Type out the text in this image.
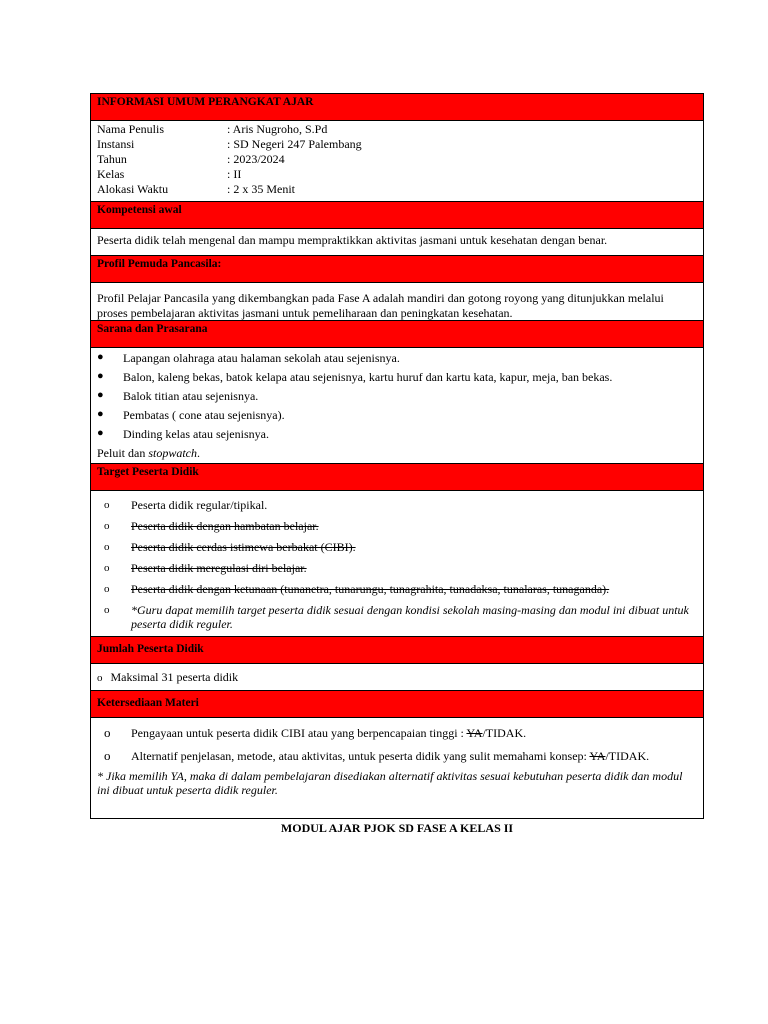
INFORMASI UMUM PERANGKAT AJAR
Nama Penulis	: Aris Nugroho, S.Pd
Instansi	: SD Negeri 247 Palembang
Tahun	: 2023/2024
Kelas	: II
Alokasi Waktu	: 2 x 35 Menit
Kompetensi awal
Peserta didik telah mengenal dan mampu mempraktikkan aktivitas jasmani untuk kesehatan dengan benar.
Profil Pemuda Pancasila:
Profil Pelajar Pancasila yang dikembangkan pada Fase A adalah mandiri dan gotong royong yang ditunjukkan melalui proses pembelajaran aktivitas jasmani untuk pemeliharaan dan peningkatan kesehatan.
Sarana dan Prasarana
● Lapangan olahraga atau halaman sekolah atau sejenisnya.
● Balon, kaleng bekas, batok kelapa atau sejenisnya, kartu huruf dan kartu kata, kapur, meja, ban bekas.
● Balok titian atau sejenisnya.
● Pembatas ( cone atau sejenisnya).
● Dinding kelas atau sejenisnya.
Peluit dan stopwatch.
Target Peserta Didik
o Peserta didik regular/tipikal.
o Peserta didik dengan hambatan belajar.
o Peserta didik cerdas istimewa berbakat (CIBI).
o Peserta didik meregulasi diri belajar.
o Peserta didik dengan ketunaan (tunanetra, tunarungu, tunagrahita, tunadaksa, tunalaras, tunaganda).
o *Guru dapat memilih target peserta didik sesuai dengan kondisi sekolah masing-masing dan modul ini dibuat untuk peserta didik reguler.
Jumlah Peserta Didik
o Maksimal 31 peserta didik
Ketersediaan Materi
o Pengayaan untuk peserta didik CIBI atau yang berpencapaian tinggi : YA/TIDAK.
o Alternatif penjelasan, metode, atau aktivitas, untuk peserta didik yang sulit memahami konsep: YA/TIDAK.
* Jika memilih YA, maka di dalam pembelajaran disediakan alternatif aktivitas sesuai kebutuhan peserta didik dan modul ini dibuat untuk peserta didik reguler.
MODUL AJAR PJOK SD FASE A KELAS II
